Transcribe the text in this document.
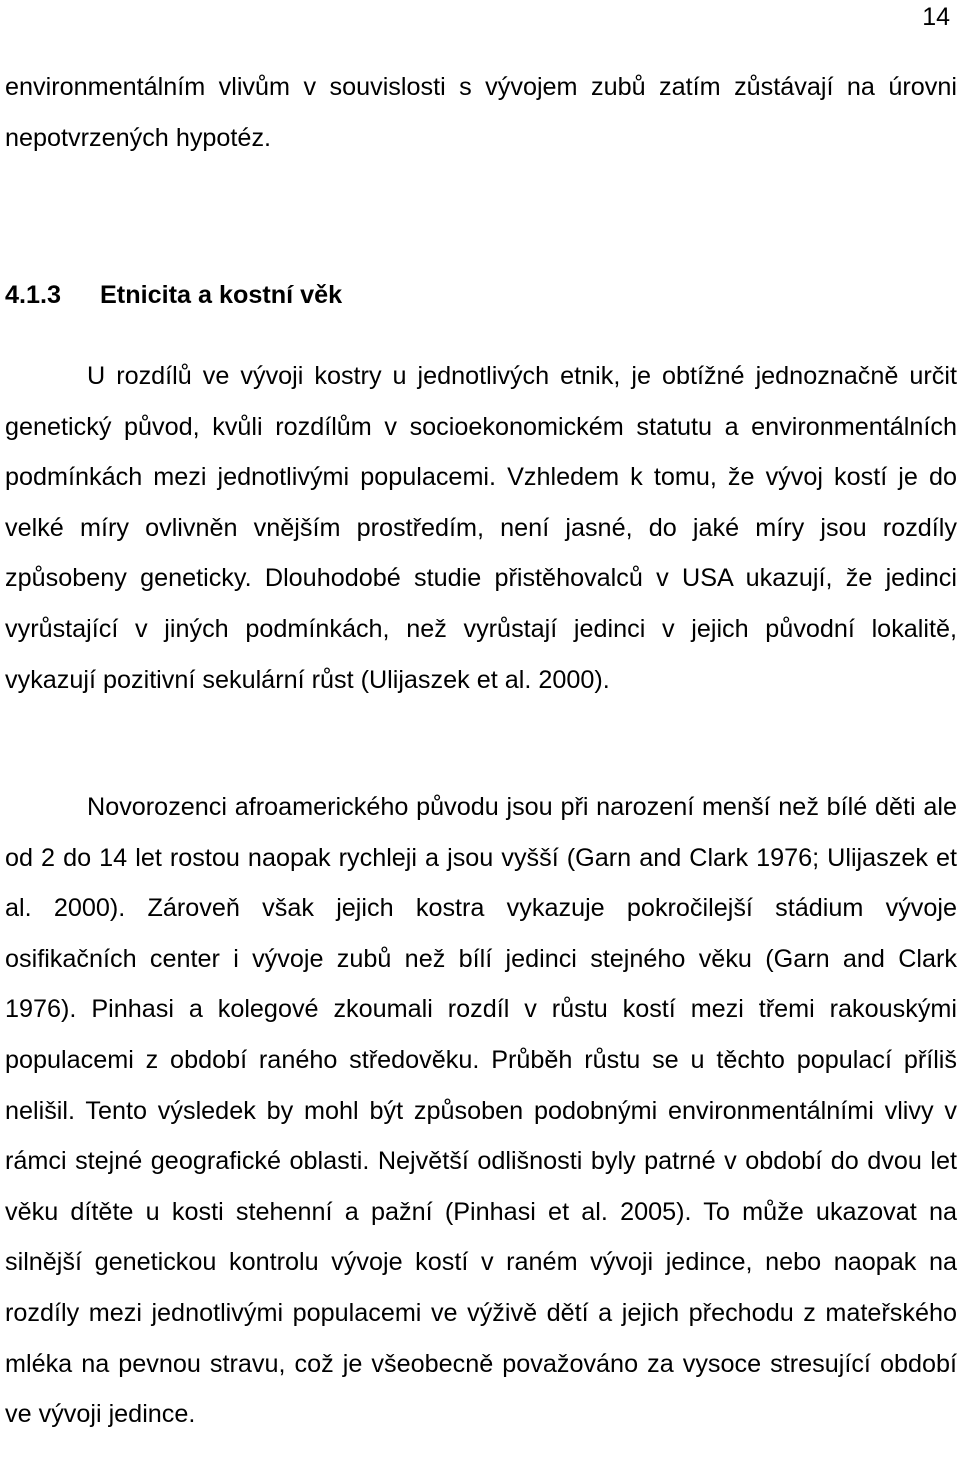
14

environmentálním vlivům v souvislosti s vývojem zubů zatím zůstávají na úrovni nepotvrzených hypotéz.

4.1.3 Etnicita a kostní věk

U rozdílů ve vývoji kostry u jednotlivých etnik, je obtížné jednoznačně určit genetický původ, kvůli rozdílům v socioekonomickém statutu a environmentálních podmínkách mezi jednotlivými populacemi. Vzhledem k tomu, že vývoj kostí je do velké míry ovlivněn vnějším prostředím, není jasné, do jaké míry jsou rozdíly způsobeny geneticky. Dlouhodobé studie přistěhovalců v USA ukazují, že jedinci vyrůstající v jiných podmínkách, než vyrůstají jedinci v jejich původní lokalitě, vykazují pozitivní sekulární růst (Ulijaszek et al. 2000).

Novorozenci afroamerického původu jsou při narození menší než bílé děti ale od 2 do 14 let rostou naopak rychleji a jsou vyšší (Garn and Clark 1976; Ulijaszek et al. 2000). Zároveň však jejich kostra vykazuje pokročilejší stádium vývoje osifikačních center i vývoje zubů než bílí jedinci stejného věku (Garn and Clark 1976). Pinhasi a kolegové zkoumali rozdíl v růstu kostí mezi třemi rakouskými populacemi z období raného středověku. Průběh růstu se u těchto populací příliš nelišil. Tento výsledek by mohl být způsoben podobnými environmentálními vlivy v rámci stejné geografické oblasti. Největší odlišnosti byly patrné v období do dvou let věku dítěte u kosti stehenní a pažní (Pinhasi et al. 2005). To může ukazovat na silnější genetickou kontrolu vývoje kostí v raném vývoji jedince, nebo naopak na rozdíly mezi jednotlivými populacemi ve výživě dětí a jejich přechodu z mateřského mléka na pevnou stravu, což je všeobecně považováno za vysoce stresující období ve vývoji jedince.
